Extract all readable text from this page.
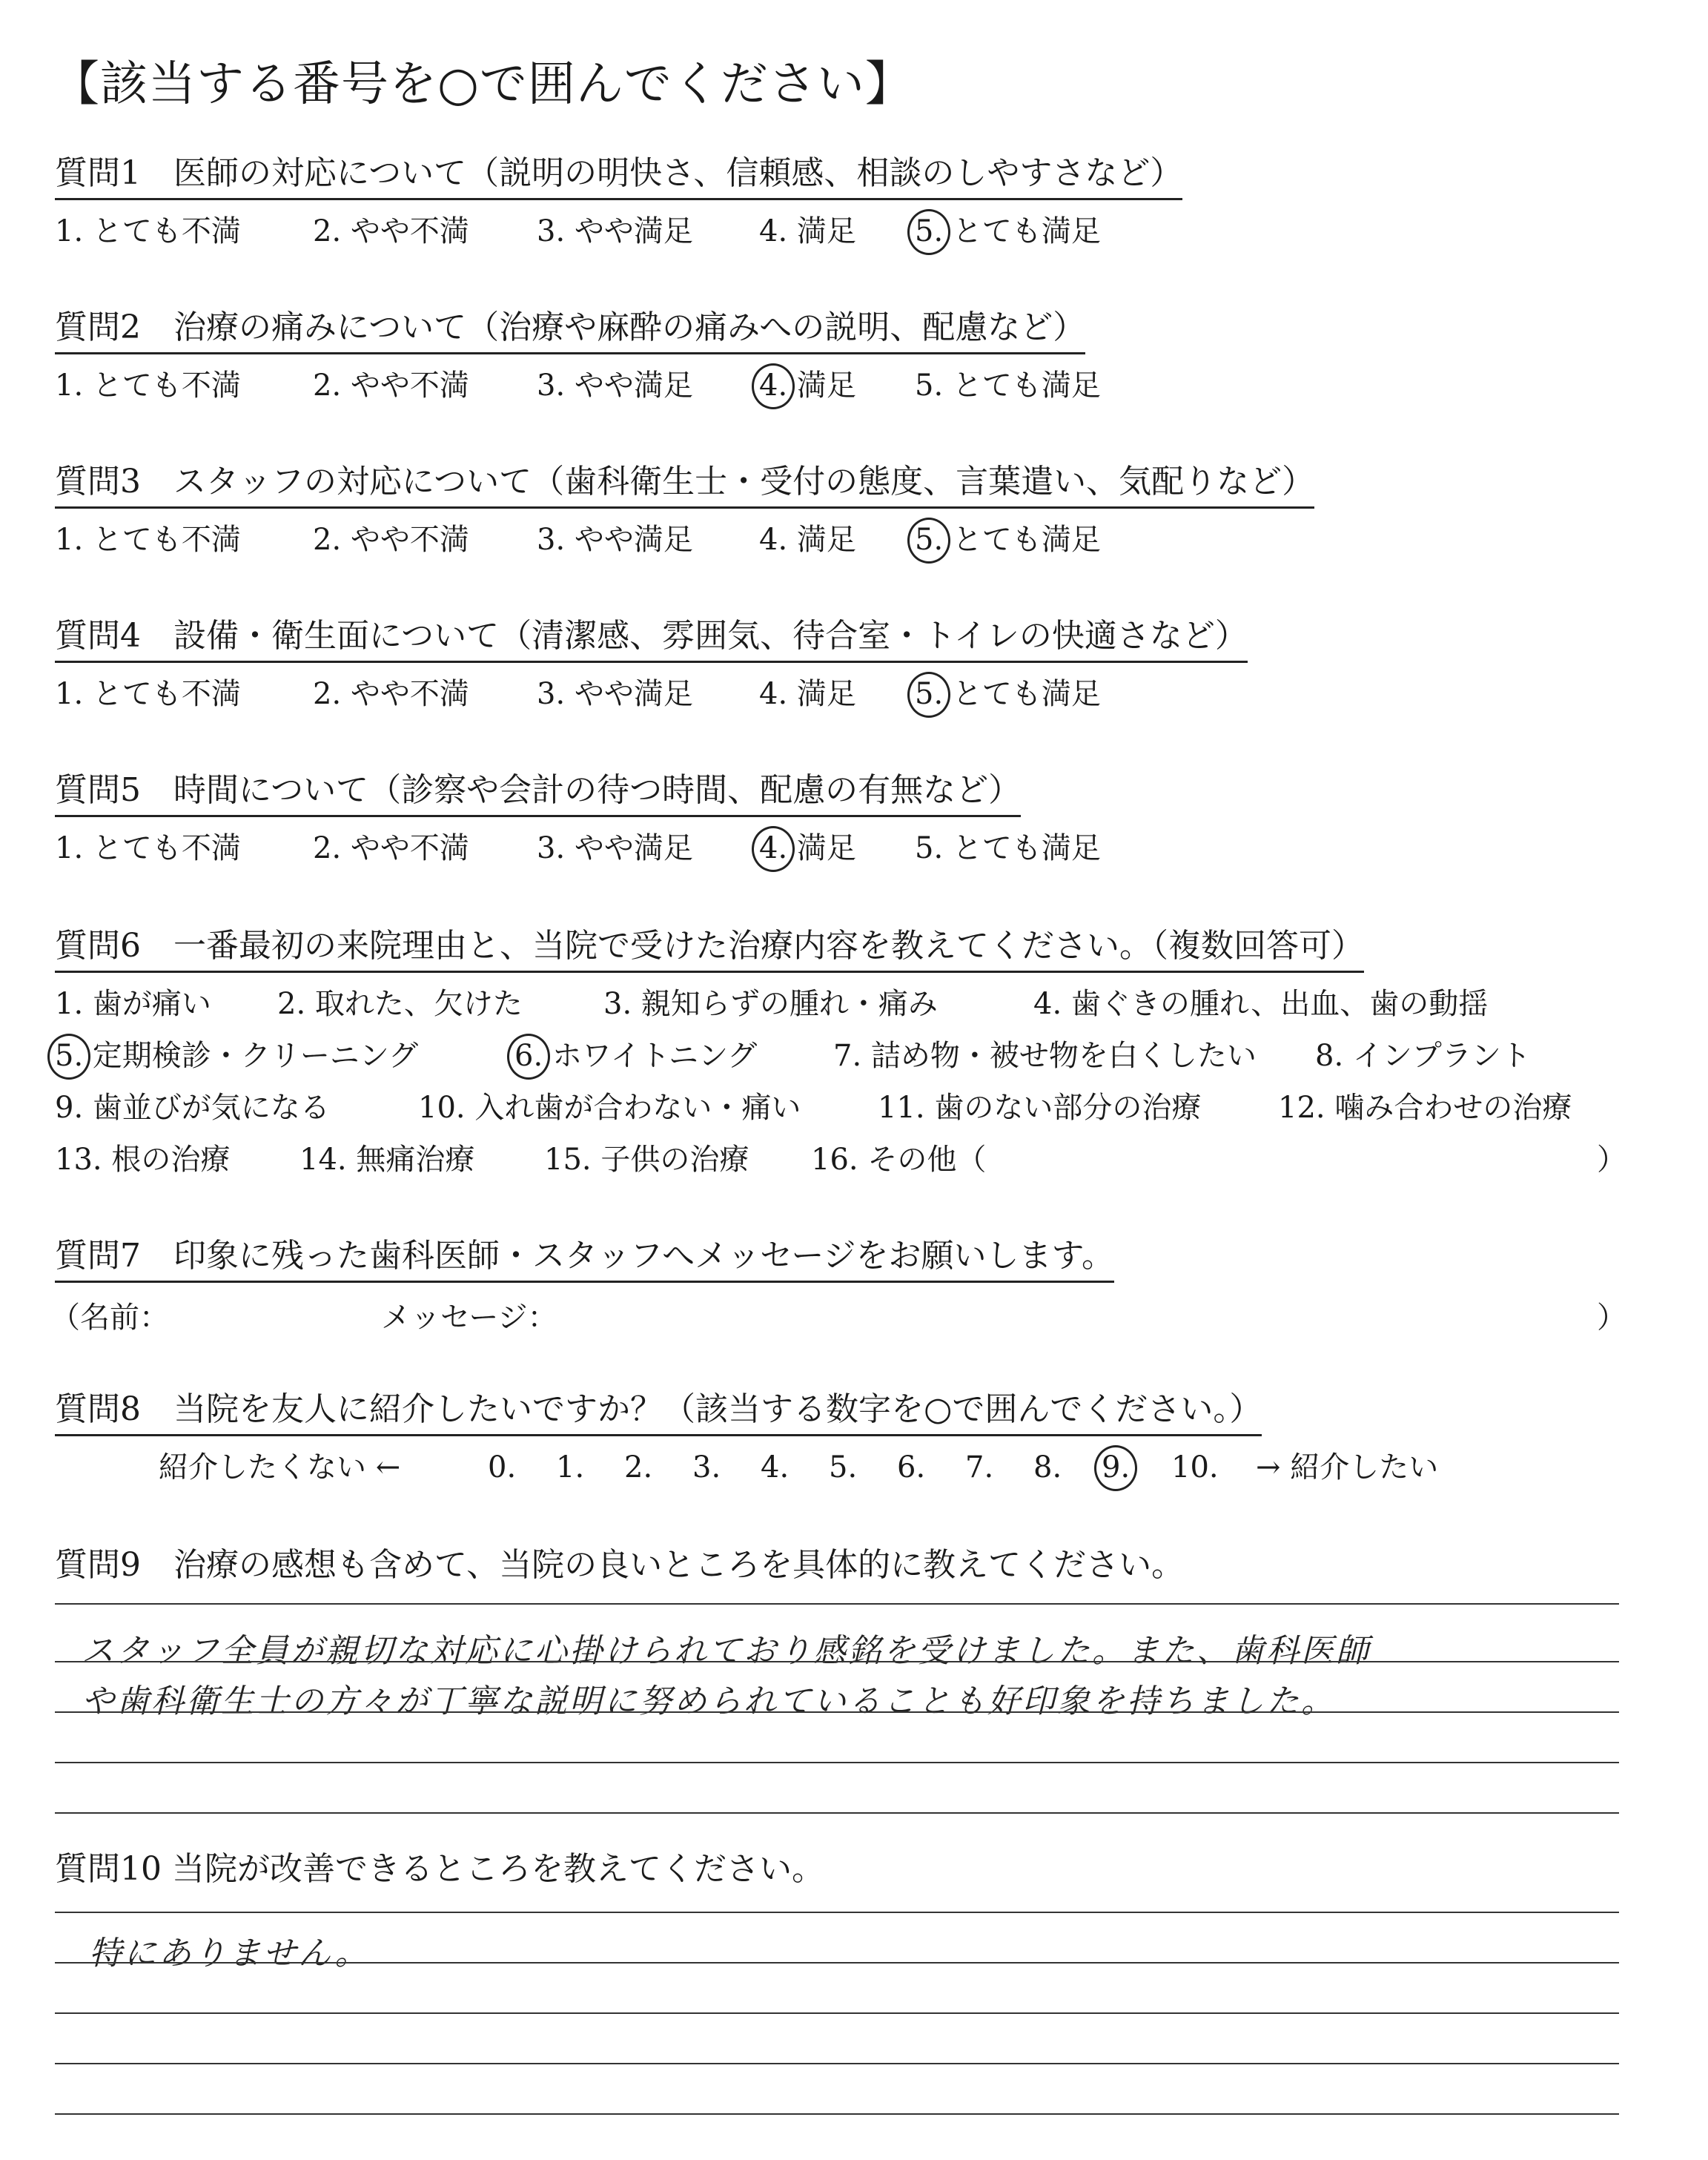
【該当する番号を○で囲んでください】
質問1　医師の対応について（説明の明快さ、信頼感、相談のしやすさなど）
1. とても不満 2. やや不満 3. やや満足 4. 満足 5. とても満足
質問2　治療の痛みについて（治療や麻酔の痛みへの説明、配慮など）
1. とても不満 2. やや不満 3. やや満足 4. 満足 5. とても満足
質問3　スタッフの対応について（歯科衛生士・受付の態度、言葉遣い、気配りなど）
1. とても不満 2. やや不満 3. やや満足 4. 満足 5. とても満足
質問4　設備・衛生面について（清潔感、雰囲気、待合室・トイレの快適さなど）
1. とても不満 2. やや不満 3. やや満足 4. 満足 5. とても満足
質問5　時間について（診察や会計の待つ時間、配慮の有無など）
1. とても不満 2. やや不満 3. やや満足 4. 満足 5. とても満足
質問6　一番最初の来院理由と、当院で受けた治療内容を教えてください。（複数回答可）
1. 歯が痛い 2. 取れた、欠けた	3. 親知らずの腫れ・痛み	4. 歯ぐきの腫れ、出血、歯の動揺
5. 定期検診・クリーニング	6. ホワイトニング	7. 詰め物・被せ物を白くしたい 8. インプラント
9. 歯並びが気になる	10. 入れ歯が合わない・痛い	11. 歯のない部分の治療	12. 噛み合わせの治療
13. 根の治療 14. 無痛治療 15. 子供の治療 16. その他（	）
質問7　印象に残った歯科医師・スタッフへメッセージをお願いします。
（名前：	メッセージ：	）
質問8　当院を友人に紹介したいですか？（該当する数字を○で囲んでください。）
紹介したくない ←	0. 1. 2. 3. 4. 5. 6. 7. 8. 9. 10. → 紹介したい
質問9　治療の感想も含めて、当院の良いところを具体的に教えてください。
スタッフ全員が親切な対応に心掛けられており感銘を受けました。また、歯科医師
や歯科衛生士の方々が丁寧な説明に努められていることも好印象を持ちました。
質問10 当院が改善できるところを教えてください。
特にありません。
